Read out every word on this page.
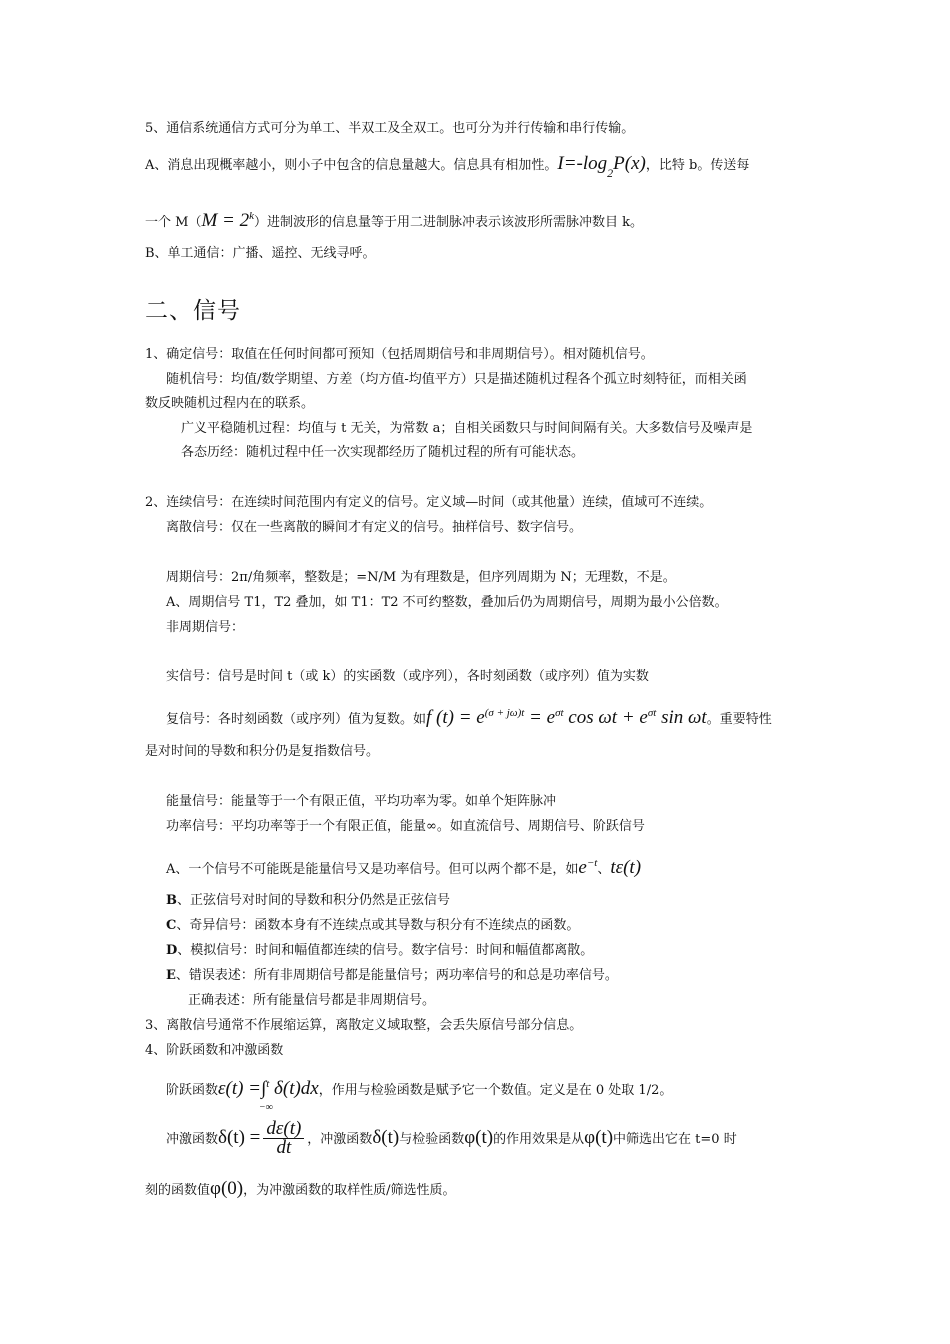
5、通信系统通信方式可分为单工、半双工及全双工。也可分为并行传输和串行传输。
A、消息出现概率越小，则小子中包含的信息量越大。信息具有相加性。$I=-\log_2P(x)$，比特 b。传送每
一个 $M(M = 2^k)$进制波形的信息量等于用二进制脉冲表示该波形所需脉冲数目 k。
B、单工通信：广播、遥控、无线寻呼。
二、信号
1、确定信号：取值在任何时间都可预知（包括周期信号和非周期信号）。相对随机信号。
随机信号：均值/数学期望、方差（均方值-均值平方）只是描述随机过程各个孤立时刻特征，而相关函
数反映随机过程内在的联系。
广义平稳随机过程：均值与 t 无关，为常数 a；自相关函数只与时间间隔有关。大多数信号及噪声是
各态历经：随机过程中任一次实现都经历了随机过程的所有可能状态。
2、连续信号：在连续时间范围内有定义的信号。定义域—时间（或其他量）连续，值域可不连续。
离散信号：仅在一些离散的瞬间才有定义的信号。抽样信号、数字信号。
周期信号：2π/角频率，整数是；=N/M 为有理数是，但序列周期为 N；无理数，不是。
A、周期信号 T1，T2 叠加，如 T1：T2 不可约整数，叠加后仍为周期信号，周期为最小公倍数。
非周期信号：
实信号：信号是时间 t（或 k）的实函数（或序列），各时刻函数（或序列）值为实数
复信号：各时刻函数（或序列）值为复数。如f $(t) = e^{(\sigma + j\omega)t} = e^{\sigma t}$ $\cos \omega t + e^{\sigma t}$ sin ωt。重要特性
是对时间的导数和积分仍是复指数信号。
能量信号：能量等于一个有限正值，平均功率为零。如单个矩阵脉冲
功率信号：平均功率等于一个有限正值，能量∞。如直流信号、周期信号、阶跃信号
A、一个信号不可能既是能量信号又是功率信号。但可以两个都不是，如$e^{-t}$、tε(t)
B、正弦信号对时间的导数和积分仍然是正弦信号
C、奇异信号：函数本身有不连续点或其导数与积分有不连续点的函数。
D、模拟信号：时间和幅值都连续的信号。数字信号：时间和幅值都离散。
E、错误表述：所有非周期信号都是能量信号；两功率信号的和总是功率信号。
正确表述：所有能量信号都是非周期信号。
3、离散信号通常不作展缩运算，离散定义域取整，会丢失原信号部分信息。
4、阶跃函数和冲激函数
阶跃函数ε(t) =∫$^t$
−∞
δ(t)dx，作用与检验函数是赋予它一个数值。定义是在 0 处取 1/2。
冲激函数$\delta(t) = \frac{d\varepsilon(t)}{dt}$ ，冲激函数δ(t)与检验函数φ(t)的作用效果是从φ(t)中筛选出它在 t=0 时
刻的函数值φ(0)，为冲激函数的取样性质/筛选性质。
